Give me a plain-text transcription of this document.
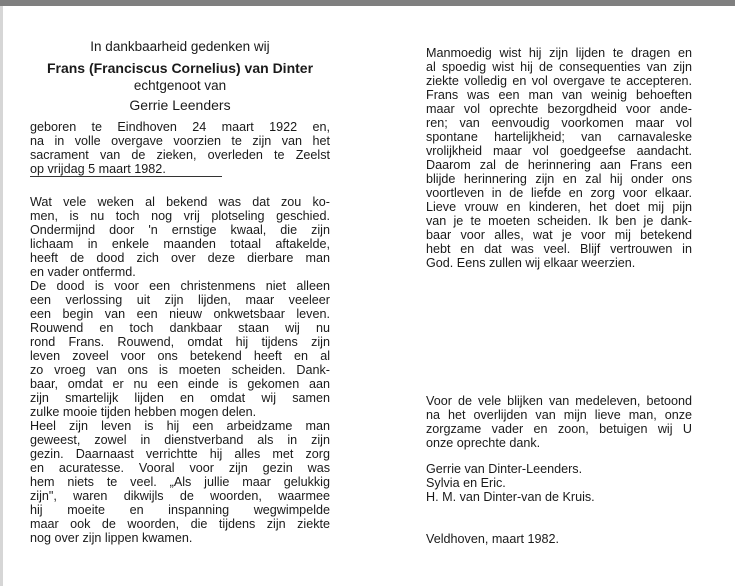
In dankbaarheid gedenken wij
Frans (Franciscus Cornelius) van Dinter
echtgenoot van
Gerrie Leenders
geboren te Eindhoven 24 maart 1922 en,
na in volle overgave voorzien te zijn van het
sacrament van de zieken, overleden te Zeelst
op vrijdag 5 maart 1982.
Wat vele weken al bekend was dat zou ko-
men, is nu toch nog vrij plotseling geschied.
Ondermijnd door 'n ernstige kwaal, die zijn
lichaam in enkele maanden totaal aftakelde,
heeft de dood zich over deze dierbare man
en vader ontfermd.
De dood is voor een christenmens niet alleen
een verlossing uit zijn lijden, maar veeleer
een begin van een nieuw onkwetsbaar leven.
Rouwend en toch dankbaar staan wij nu
rond Frans. Rouwend, omdat hij tijdens zijn
leven zoveel voor ons betekend heeft en al
zo vroeg van ons is moeten scheiden. Dank-
baar, omdat er nu een einde is gekomen aan
zijn smartelijk lijden en omdat wij samen
zulke mooie tijden hebben mogen delen.
Heel zijn leven is hij een arbeidzame man
geweest, zowel in dienstverband als in zijn
gezin. Daarnaast verrichtte hij alles met zorg
en acuratesse. Vooral voor zijn gezin was
hem niets te veel. „Als jullie maar gelukkig
zijn", waren dikwijls de woorden, waarmee
hij moeite en inspanning wegwimpelde
maar ook de woorden, die tijdens zijn ziekte
nog over zijn lippen kwamen.
Manmoedig wist hij zijn lijden te dragen en
al spoedig wist hij de consequenties van zijn
ziekte volledig en vol overgave te accepteren.
Frans was een man van weinig behoeften
maar vol oprechte bezorgdheid voor ande-
ren; van eenvoudig voorkomen maar vol
spontane hartelijkheid; van carnavaleske
vrolijkheid maar vol goedgeefse aandacht.
Daarom zal de herinnering aan Frans een
blijde herinnering zijn en zal hij onder ons
voortleven in de liefde en zorg voor elkaar.
Lieve vrouw en kinderen, het doet mij pijn
van je te moeten scheiden. Ik ben je dank-
baar voor alles, wat je voor mij betekend
hebt en dat was veel. Blijf vertrouwen in
God. Eens zullen wij elkaar weerzien.
Voor de vele blijken van medeleven, betoond
na het overlijden van mijn lieve man, onze
zorgzame vader en zoon, betuigen wij U
onze oprechte dank.
Gerrie van Dinter-Leenders.
Sylvia en Eric.
H. M. van Dinter-van de Kruis.
Veldhoven, maart 1982.
